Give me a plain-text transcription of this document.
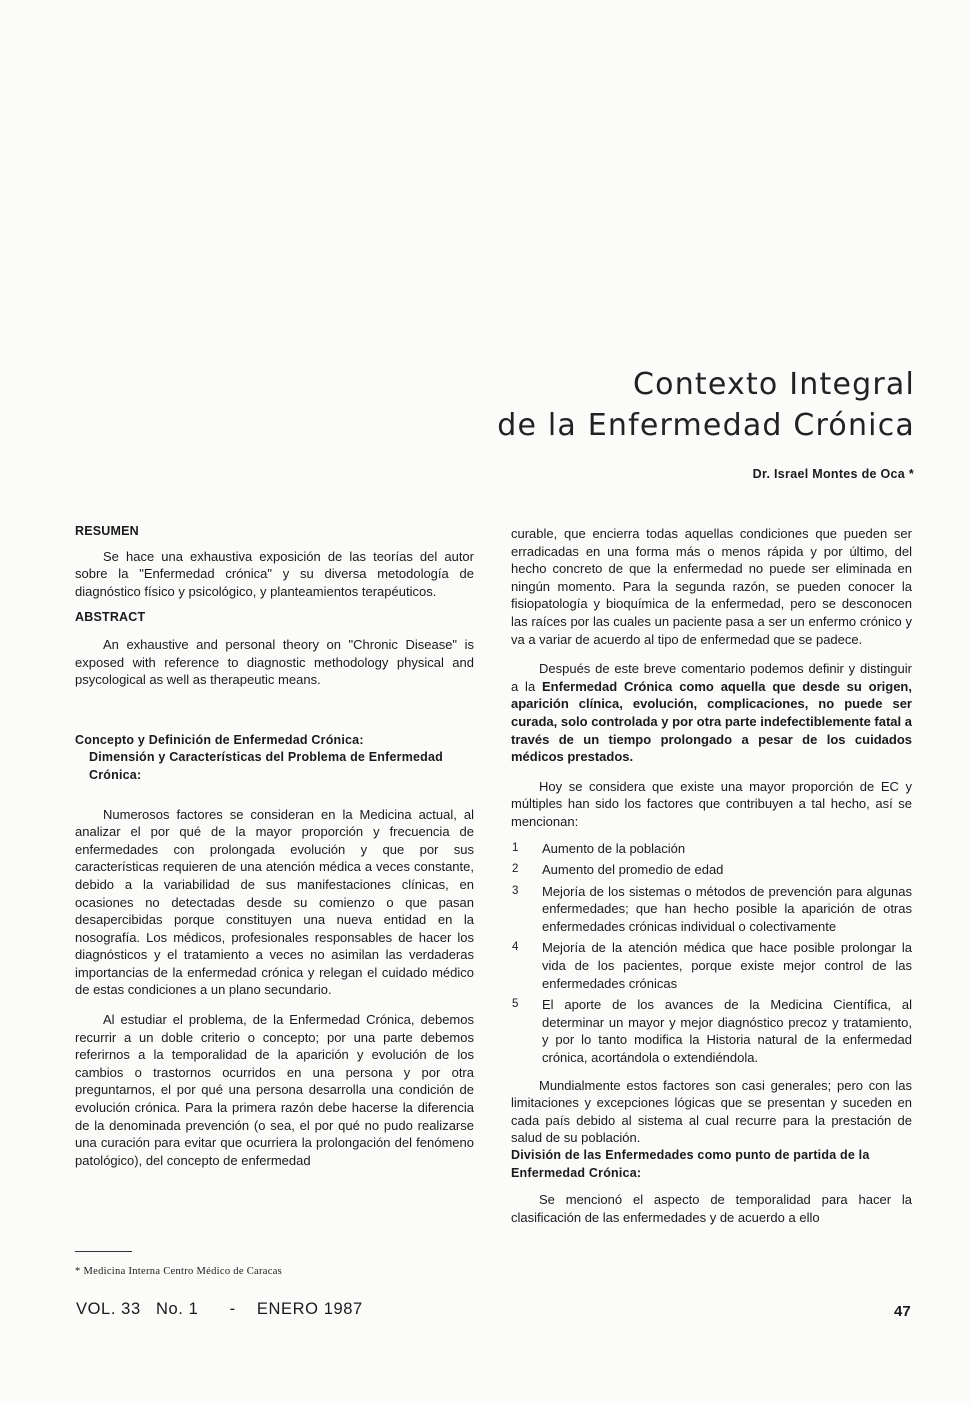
Contexto Integral
de la Enfermedad Crónica
Dr. Israel Montes de Oca *
RESUMEN

Se hace una exhaustiva exposición de las teorías del autor sobre la "Enfermedad crónica" y su diversa metodología de diagnóstico físico y psicológico, y planteamientos terapéuticos.

ABSTRACT

An exhaustive and personal theory on "Chronic Disease" is exposed with reference to diagnostic methodology physical and psycological as well as therapeutic means.

Concepto y Definición de Enfermedad Crónica:
Dimensión y Características del Problema de Enfermedad Crónica:

Numerosos factores se consideran en la Medicina actual, al analizar el por qué de la mayor proporción y frecuencia de enfermedades con prolongada evolución y que por sus características requieren de una atención médica a veces constante, debido a la variabilidad de sus manifestaciones clínicas, en ocasiones no detectadas desde su comienzo o que pasan desapercibidas porque constituyen una nueva entidad en la nosografía. Los médicos, profesionales responsables de hacer los diagnósticos y el tratamiento a veces no asimilan las verdaderas importancias de la enfermedad crónica y relegan el cuidado médico de estas condiciones a un plano secundario.

Al estudiar el problema, de la Enfermedad Crónica, debemos recurrir a un doble criterio o concepto; por una parte debemos referirnos a la temporalidad de la aparición y evolución de los cambios o trastornos ocurridos en una persona y por otra preguntarnos, el por qué una persona desarrolla una condición de evolución crónica. Para la primera razón debe hacerse la diferencia de la denominada prevención (o sea, el por qué no pudo realizarse una curación para evitar que ocurriera la prolongación del fenómeno patológico), del concepto de enfermedad

curable, que encierra todas aquellas condiciones que pueden ser erradicadas en una forma más o menos rápida y por último, del hecho concreto de que la enfermedad no puede ser eliminada en ningún momento. Para la segunda razón, se pueden conocer la fisiopatología y bioquímica de la enfermedad, pero se desconocen las raíces por las cuales un paciente pasa a ser un enfermo crónico y va a variar de acuerdo al tipo de enfermedad que se padece.

Después de este breve comentario podemos definir y distinguir a la Enfermedad Crónica como aquella que desde su origen, aparición clínica, evolución, complicaciones, no puede ser curada, solo controlada y por otra parte indefectiblemente fatal a través de un tiempo prolongado a pesar de los cuidados médicos prestados.

Hoy se considera que existe una mayor proporción de EC y múltiples han sido los factores que contribuyen a tal hecho, así se mencionan:

1 Aumento de la población
2 Aumento del promedio de edad
3 Mejoría de los sistemas o métodos de prevención para algunas enfermedades; que han hecho posible la aparición de otras enfermedades crónicas individual o colectivamente
4 Mejoría de la atención médica que hace posible prolongar la vida de los pacientes, porque existe mejor control de las enfermedades crónicas
5 El aporte de los avances de la Medicina Científica, al determinar un mayor y mejor diagnóstico precoz y tratamiento, y por lo tanto modifica la Historia natural de la enfermedad crónica, acortándola o extendiéndola.

Mundialmente estos factores son casi generales; pero con las limitaciones y excepciones lógicas que se presentan y suceden en cada país debido al sistema al cual recurre para la prestación de salud de su población.

División de las Enfermedades como punto de partida de la Enfermedad Crónica:

Se mencionó el aspecto de temporalidad para hacer la clasificación de las enfermedades y de acuerdo a ello

* Medicina Interna Centro Médico de Caracas
VOL. 33 No. 1 - ENERO 1987	47
